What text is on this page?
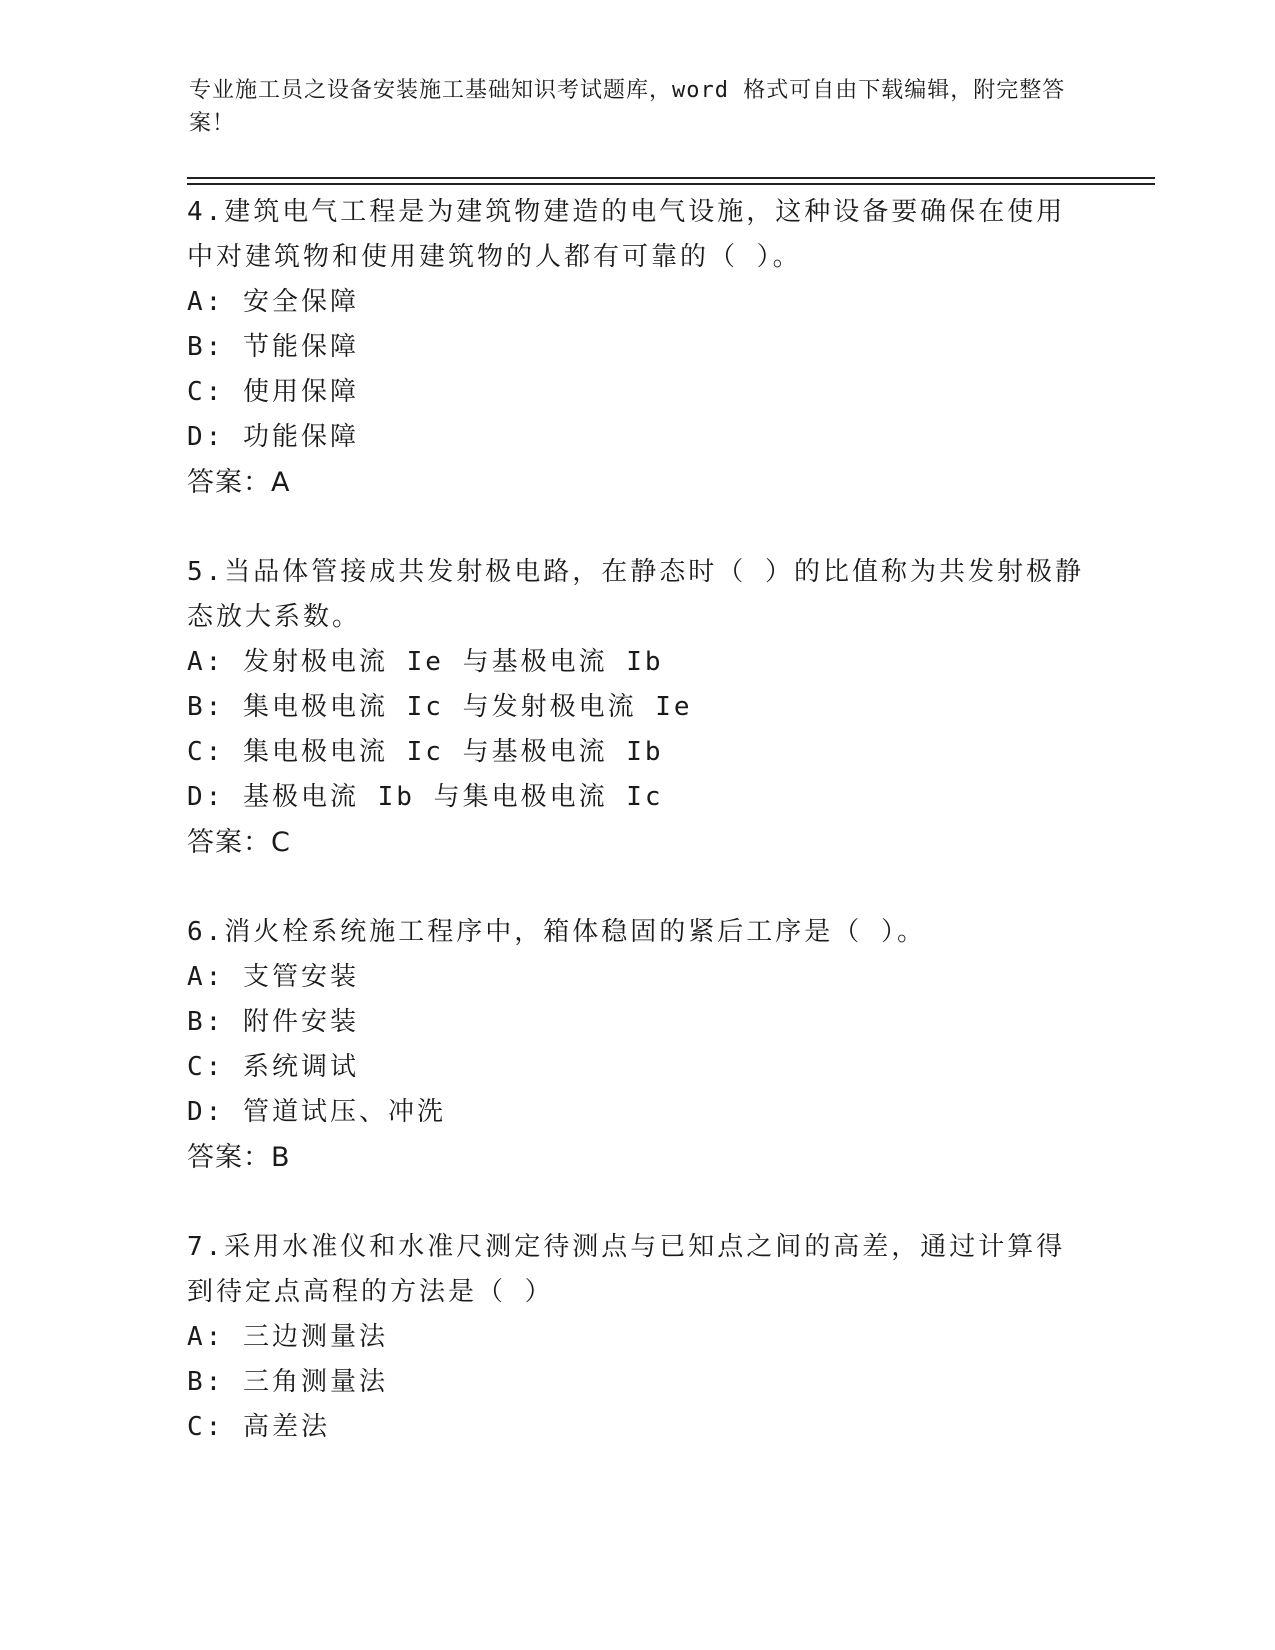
专业施工员之设备安装施工基础知识考试题库，word 格式可自由下载编辑，附完整答案！
4.建筑电气工程是为建筑物建造的电气设施，这种设备要确保在使用中对建筑物和使用建筑物的人都有可靠的（ ）。
A: 安全保障
B: 节能保障
C: 使用保障
D: 功能保障
答案：A
5.当品体管接成共发射极电路，在静态时（ ）的比值称为共发射极静态放大系数。
A: 发射极电流 Ie 与基极电流 Ib
B: 集电极电流 Ic 与发射极电流 Ie
C: 集电极电流 Ic 与基极电流 Ib
D: 基极电流 Ib 与集电极电流 Ic
答案：C
6.消火栓系统施工程序中，箱体稳固的紧后工序是（ ）。
A: 支管安装
B: 附件安装
C: 系统调试
D: 管道试压、冲洗
答案：B
7.采用水准仪和水准尺测定待测点与已知点之间的高差，通过计算得到待定点高程的方法是（ ）
A: 三边测量法
B: 三角测量法
C: 高差法
